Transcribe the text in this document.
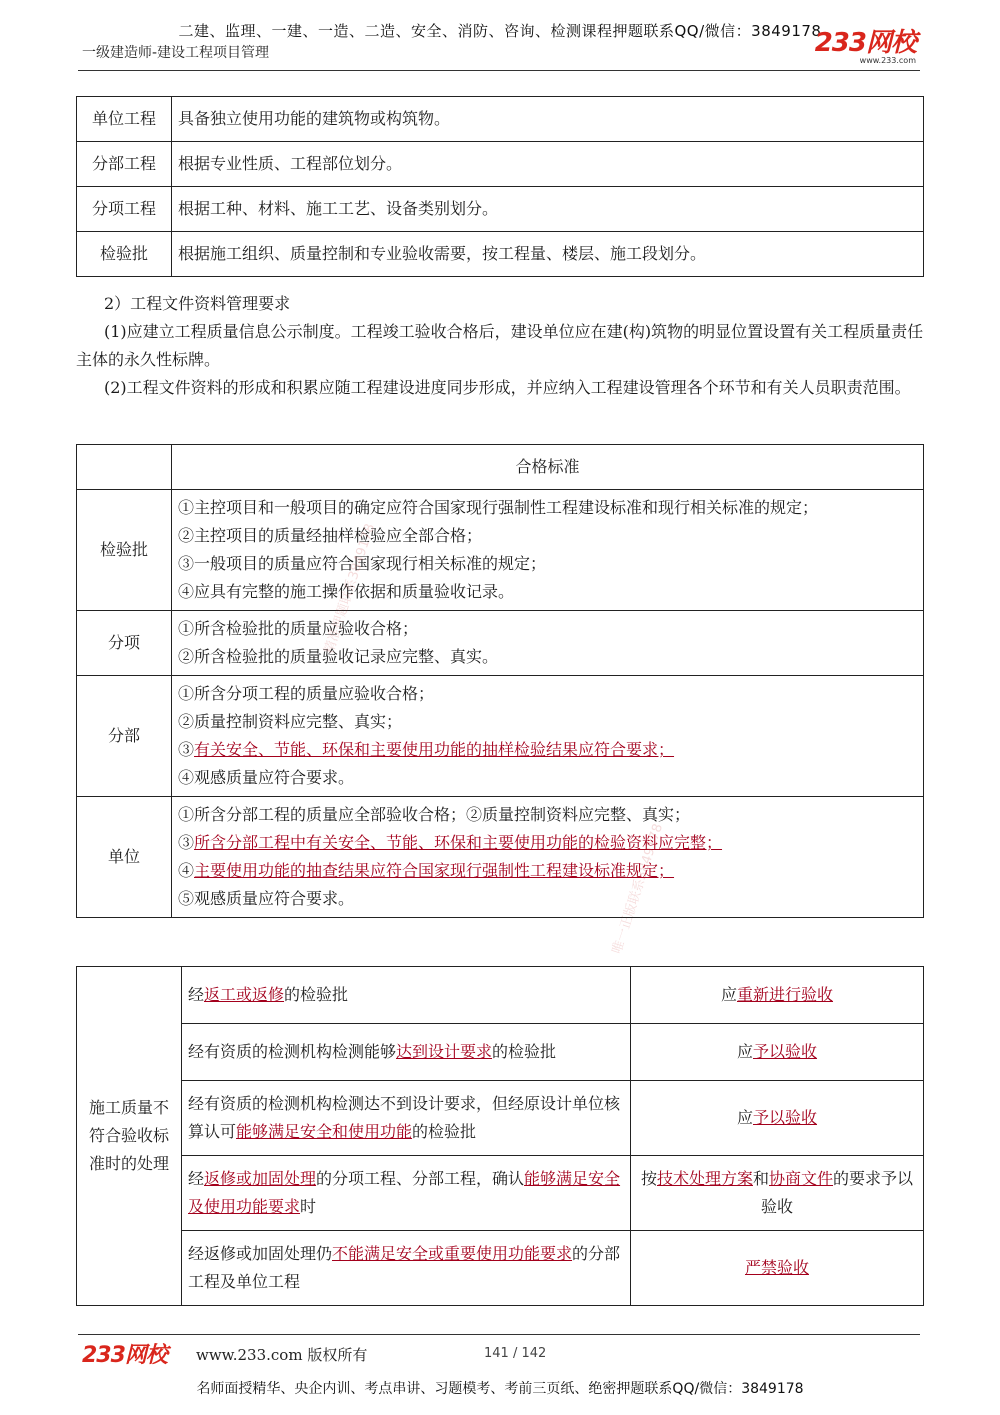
二建、监理、一建、一造、二造、安全、消防、咨询、检测课程押题联系QQ/微信：3849178
一级建造师-建设工程项目管理	233网校
www.233.com
单位工程	具备独立使用功能的建筑物或构筑物。
分部工程	根据专业性质、工程部位划分。
分项工程	根据工种、材料、施工工艺、设备类别划分。
检验批	根据施工组织、质量控制和专业验收需要，按工程量、楼层、施工段划分。
2）工程文件资料管理要求
(1)应建立工程质量信息公示制度。工程竣工验收合格后，建设单位应在建(构)筑物的明显位置设置有关工程质量责任主体的永久性标牌。
(2)工程文件资料的形成和积累应随工程建设进度同步形成，并应纳入工程建设管理各个环节和有关人员职责范围。
	合格标准
检验批	①主控项目和一般项目的确定应符合国家现行强制性工程建设标准和现行相关标准的规定；
②主控项目的质量经抽样检验应全部合格；
③一般项目的质量应符合国家现行相关标准的规定；
④应具有完整的施工操作依据和质量验收记录。

分项	①所含检验批的质量应验收合格；
②所含检验批的质量验收记录应完整、真实。

分部	①所含分项工程的质量应验收合格；
②质量控制资料应完整、真实；
③有关安全、节能、环保和主要使用功能的抽样检验结果应符合要求；
④观感质量应符合要求。

单位	①所含分部工程的质量应全部验收合格；②质量控制资料应完整、真实；
③所含分部工程中有关安全、节能、环保和主要使用功能的检验资料应完整；
④主要使用功能的抽查结果应符合国家现行强制性工程建设标准规定；
⑤观感质量应符合要求。
施工质量不符合验收标准时的处理	经返工或返修的检验批	应重新进行验收
	经有资质的检测机构检测能够达到设计要求的检验批	应予以验收
	经有资质的检测机构检测达不到设计要求，但经原设计单位核算认可能够满足安全和使用功能的检验批	应予以验收
	经返修或加固处理的分项工程、分部工程，确认能够满足安全及使用功能要求时	按技术处理方案和协商文件的要求予以验收
	经返修或加固处理仍不能满足安全或重要使用功能要求的分部工程及单位工程	严禁验收
精准押题联系3849178
唯一正版联系3849178
233网校 www.233.com 版权所有	141 / 142
名师面授精华、央企内训、考点串讲、习题模考、考前三页纸、绝密押题联系QQ/微信：3849178
